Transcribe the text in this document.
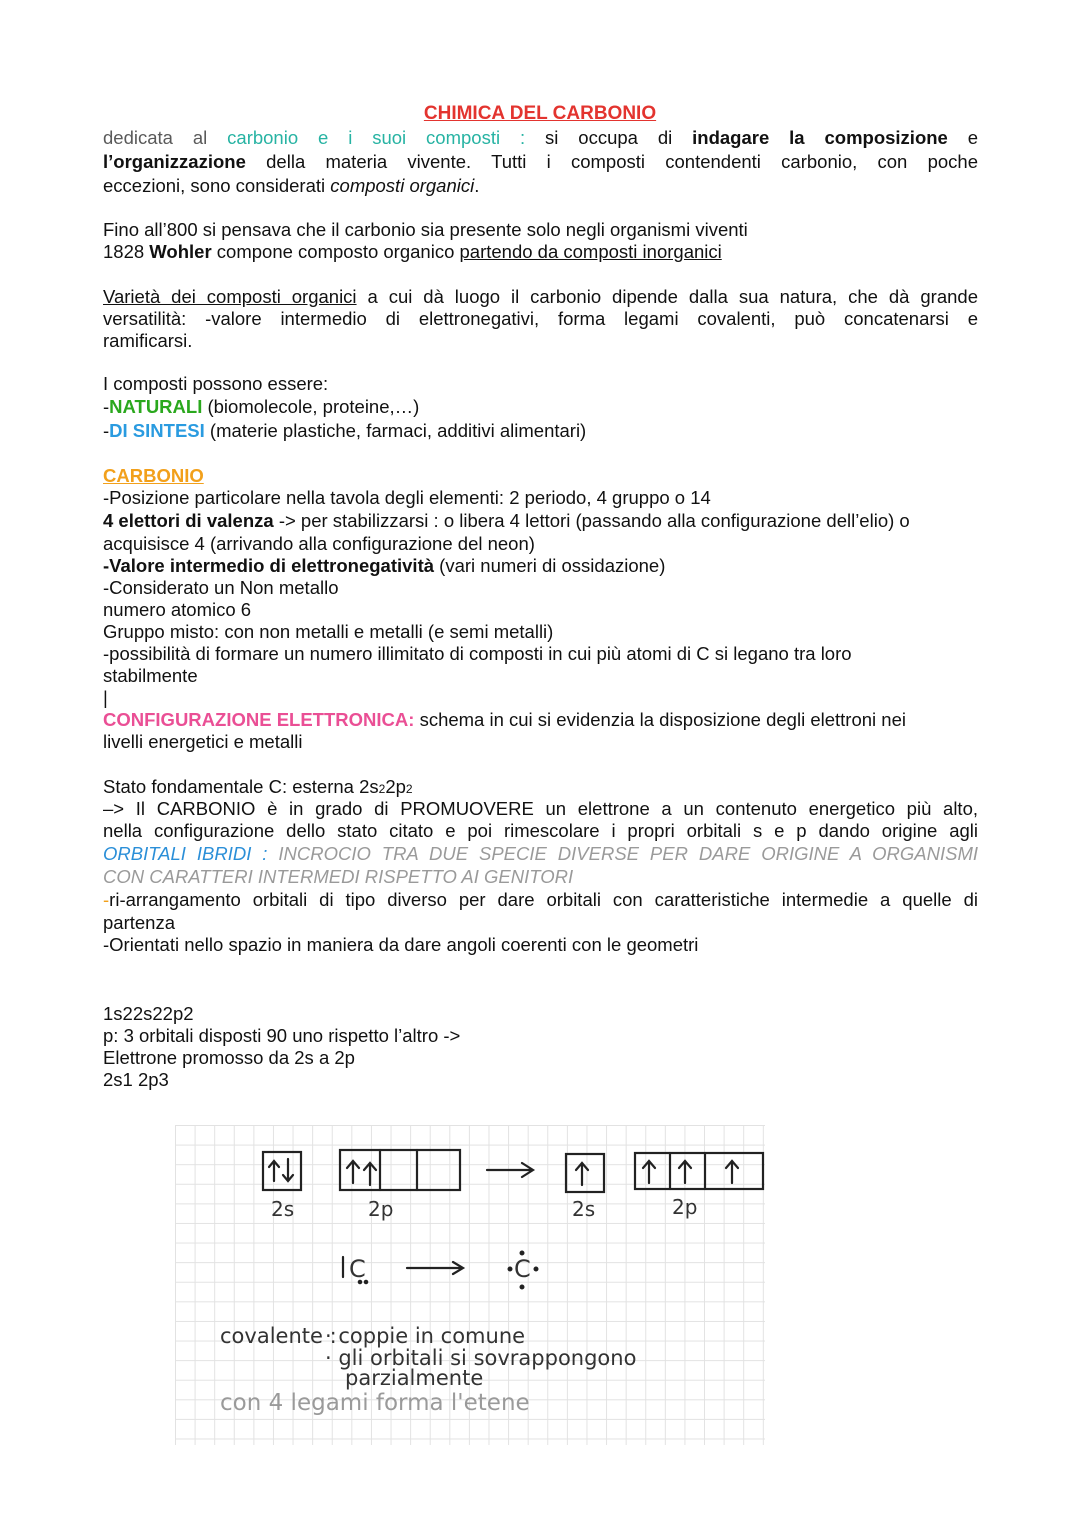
CHIMICA DEL CARBONIO
dedicata al carbonio e i suoi composti : si occupa di indagare la composizione e
l’organizzazione della materia vivente. Tutti i composti contendenti carbonio, con poche
eccezioni, sono considerati composti organici.
Fino all’800 si pensava che il carbonio sia presente solo negli organismi viventi
1828 Wohler compone composto organico partendo da composti inorganici
Varietà dei composti organici a cui dà luogo il carbonio dipende dalla sua natura, che dà grande
versatilità: -valore intermedio di elettronegativi, forma legami covalenti, può concatenarsi e
ramificarsi.
I composti possono essere:
-NATURALI (biomolecole, proteine,…)
-DI SINTESI (materie plastiche, farmaci, additivi alimentari)
CARBONIO
-Posizione particolare nella tavola degli elementi: 2 periodo, 4 gruppo o 14
4 elettori di valenza -> per stabilizzarsi : o libera 4 lettori (passando alla configurazione dell’elio) o
acquisisce 4 (arrivando alla configurazione del neon)
-Valore intermedio di elettronegatività (vari numeri di ossidazione)
-Considerato un Non metallo
numero atomico 6
Gruppo misto: con non metalli e metalli (e semi metalli)
-possibilità di formare un numero illimitato di composti in cui più atomi di C si legano tra loro
stabilmente
|
CONFIGURAZIONE ELETTRONICA: schema in cui si evidenzia la disposizione degli elettroni nei
livelli energetici e metalli
Stato fondamentale C: esterna 2s22p2
–> Il CARBONIO è in grado di PROMUOVERE un elettrone a un contenuto energetico più alto,
nella configurazione dello stato citato e poi rimescolare i propri orbitali s e p dando origine agli
ORBITALI IBRIDI : INCROCIO TRA DUE SPECIE DIVERSE PER DARE ORIGINE A ORGANISMI
CON CARATTERI INTERMEDI RISPETTO AI GENITORI
-ri-arrangamento orbitali di tipo diverso per dare orbitali con caratteristiche intermedie a quelle di
partenza
-Orientati nello spazio in maniera da dare angoli coerenti con le geometri
1s22s22p2
p: 3 orbitali disposti 90 uno rispetto l’altro ->
Elettrone promosso da 2s a 2p
2s1 2p3
2s	2p	2s	2p
C	C
covalente :
· coppie in comune
· gli orbitali si sovrappongono
parzialmente
con 4 legami forma l'etene
